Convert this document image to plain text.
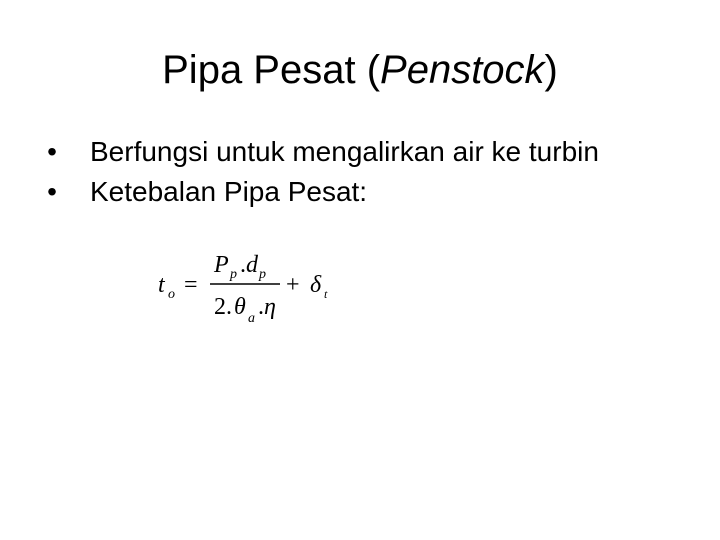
Pipa Pesat (Penstock)
• Berfungsi untuk mengalirkan air ke turbin
• Ketebalan Pipa Pesat:
t o =
P p . d p
2. θ a . η
+ δ t
